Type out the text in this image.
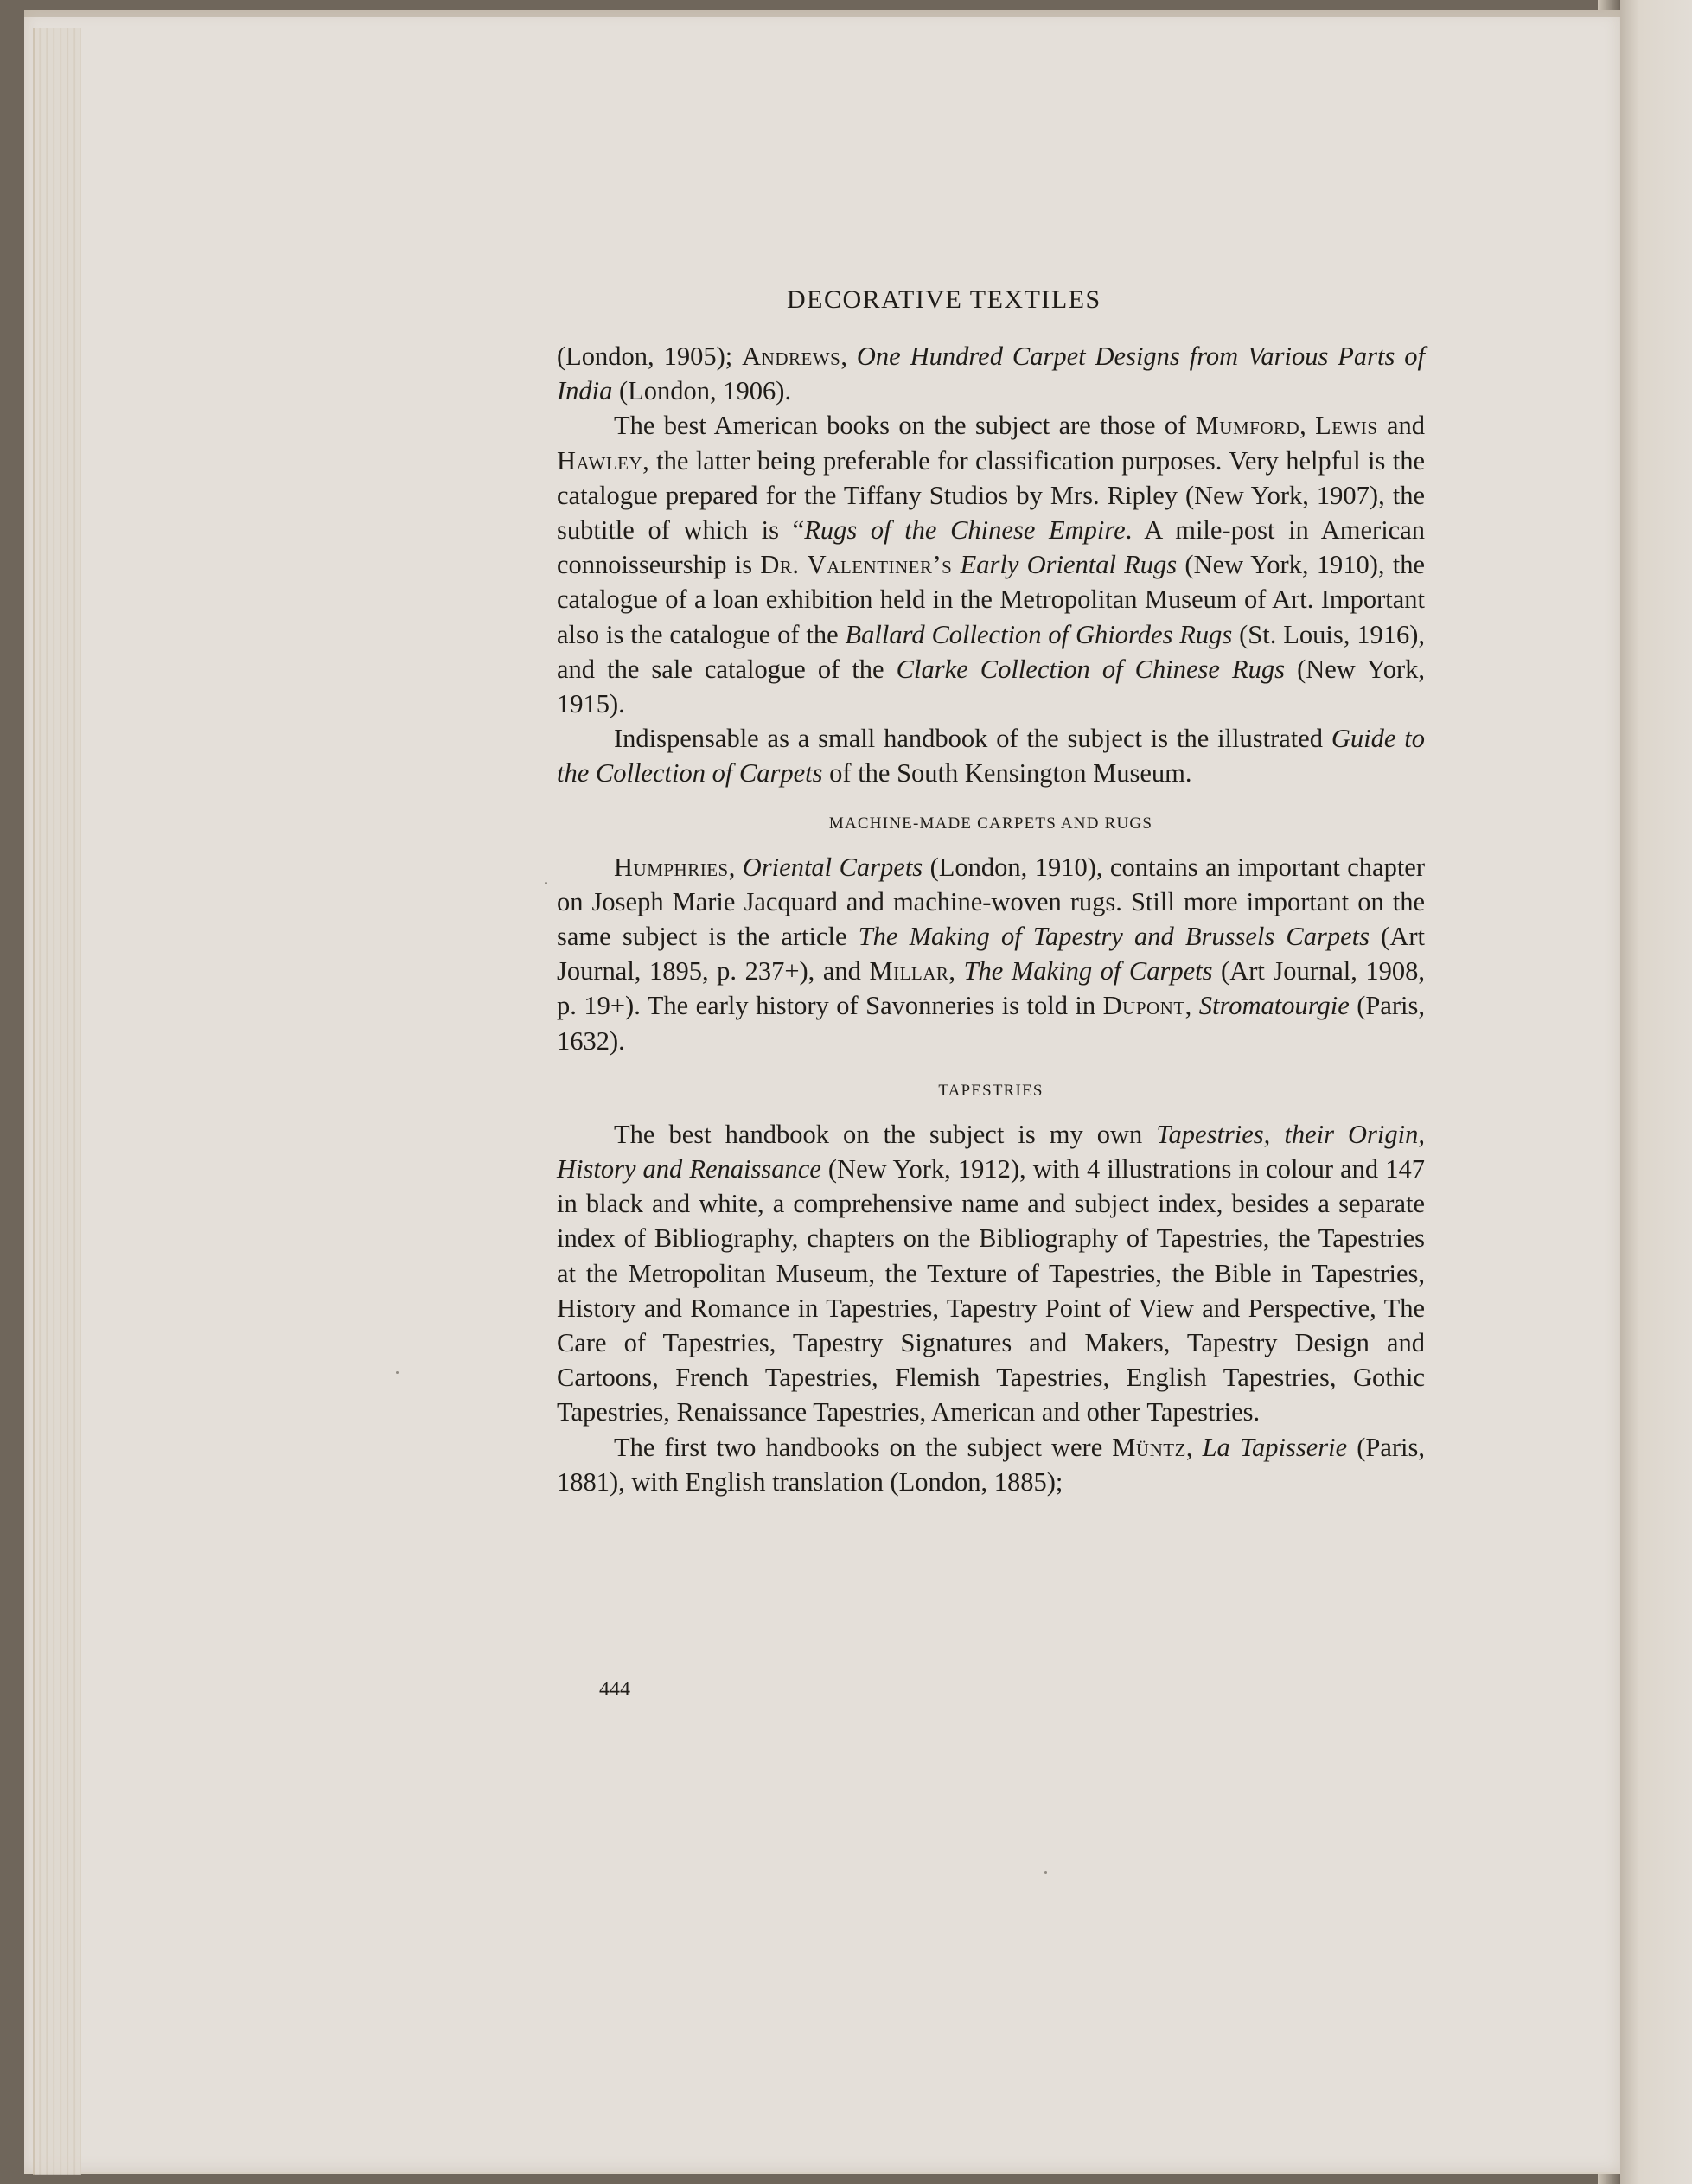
DECORATIVE TEXTILES

(London, 1905); Andrews, One Hundred Carpet Designs from Various Parts of India (London, 1906).

The best American books on the subject are those of Mumford, Lewis and Hawley, the latter being preferable for classification purposes. Very helpful is the catalogue prepared for the Tiffany Studios by Mrs. Ripley (New York, 1907), the subtitle of which is “Rugs of the Chinese Empire. A mile-post in American connoisseurship is Dr. Valentiner’s Early Oriental Rugs (New York, 1910), the catalogue of a loan exhibition held in the Metropolitan Museum of Art. Important also is the catalogue of the Ballard Collection of Ghiordes Rugs (St. Louis, 1916), and the sale catalogue of the Clarke Collection of Chinese Rugs (New York, 1915).

Indispensable as a small handbook of the subject is the illustrated Guide to the Collection of Carpets of the South Kensington Museum.

MACHINE-MADE CARPETS AND RUGS

Humphries, Oriental Carpets (London, 1910), contains an important chapter on Joseph Marie Jacquard and machine-woven rugs. Still more important on the same subject is the article The Making of Tapestry and Brussels Carpets (Art Journal, 1895, p. 237+), and Millar, The Making of Carpets (Art Journal, 1908, p. 19+). The early history of Savonneries is told in Dupont, Stromatourgie (Paris, 1632).

TAPESTRIES

The best handbook on the subject is my own Tapestries, their Origin, History and Renaissance (New York, 1912), with 4 illustrations in colour and 147 in black and white, a comprehensive name and subject index, besides a separate index of Bibliography, chapters on the Bibliography of Tapestries, the Tapestries at the Metropolitan Museum, the Texture of Tapestries, the Bible in Tapestries, History and Romance in Tapestries, Tapestry Point of View and Perspective, The Care of Tapestries, Tapestry Signatures and Makers, Tapestry Design and Cartoons, French Tapestries, Flemish Tapestries, English Tapestries, Gothic Tapestries, Renaissance Tapestries, American and other Tapestries.

The first two handbooks on the subject were Müntz, La Tapisserie (Paris, 1881), with English translation (London, 1885);

444
